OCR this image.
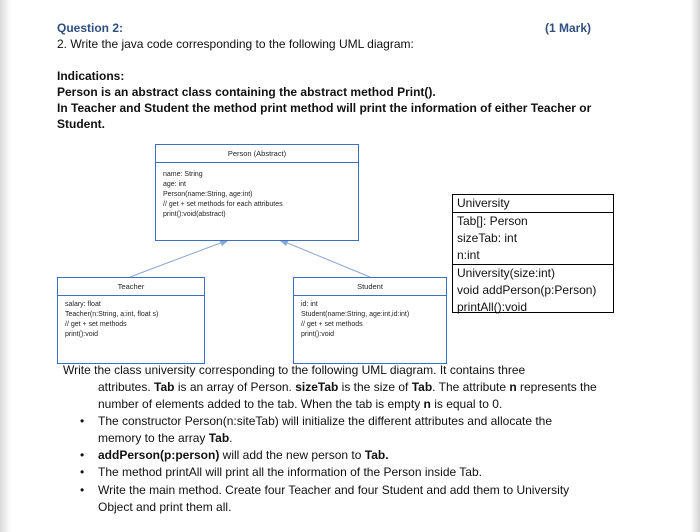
Question 2:	(1 Mark)
2. Write the java code corresponding to the following UML diagram:
Indications:
Person is an abstract class containing the abstract method Print().
In Teacher and Student the method print method will print the information of either Teacher or
Student.
Person (Abstract)
name: String
age: int
Person(name:String, age:int)
// get + set methods for each attributes
print():void(abstract)
Teacher
salary: float
Teacher(n:String, a:int, float s)
// get + set methods
print():void
Student
id: int
Student(name:String, age:int,id:int)
// get + set methods
print():void
University
Tab[]: Person
sizeTab: int
n:int
University(size:int)
void addPerson(p:Person)
printAll():void
Write the class university corresponding to the following UML diagram. It contains three
attributes. Tab is an array of Person. sizeTab is the size of Tab. The attribute n represents the
number of elements added to the tab. When the tab is empty n is equal to 0.
• The constructor Person(n:siteTab) will initialize the different attributes and allocate the
memory to the array Tab.
• addPerson(p:person) will add the new person to Tab.
• The method printAll will print all the information of the Person inside Tab.
• Write the main method. Create four Teacher and four Student and add them to University
Object and print them all.
